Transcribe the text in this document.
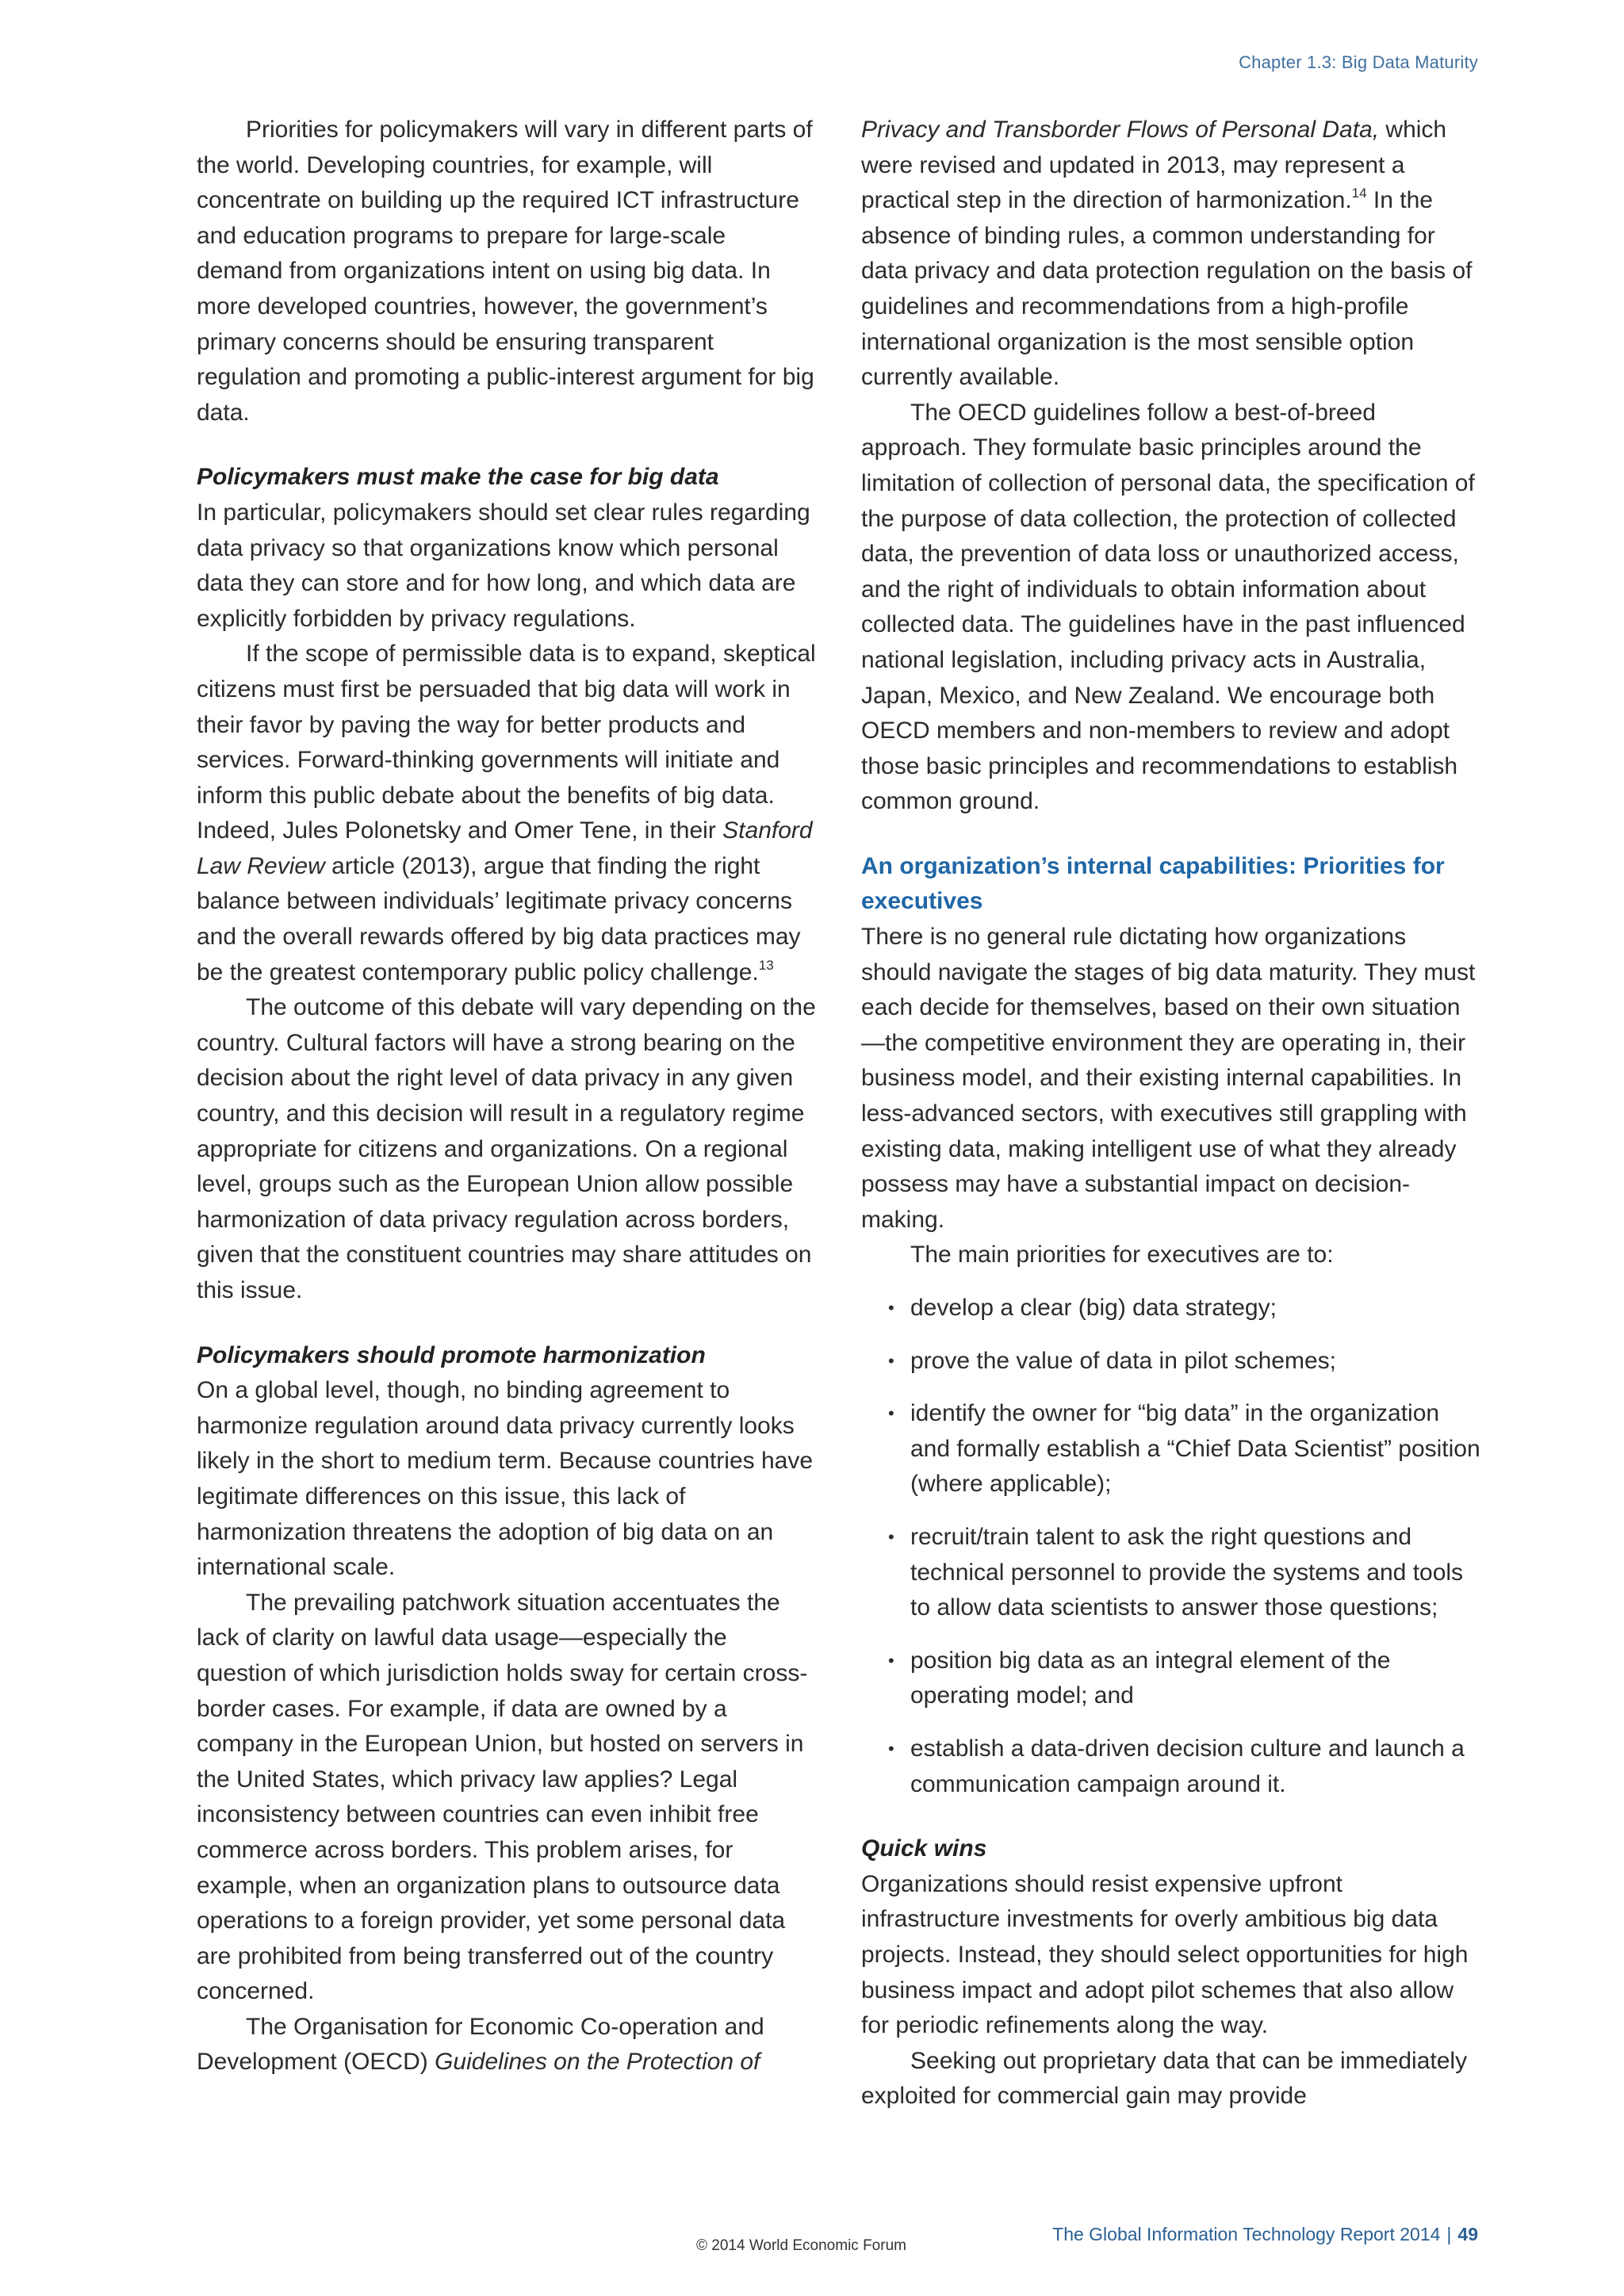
Chapter 1.3: Big Data Maturity

Priorities for policymakers will vary in different parts of the world. Developing countries, for example, will concentrate on building up the required ICT infrastructure and education programs to prepare for large-scale demand from organizations intent on using big data. In more developed countries, however, the government’s primary concerns should be ensuring transparent regulation and promoting a public-interest argument for big data.

Policymakers must make the case for big data

In particular, policymakers should set clear rules regarding data privacy so that organizations know which personal data they can store and for how long, and which data are explicitly forbidden by privacy regulations.

If the scope of permissible data is to expand, skeptical citizens must first be persuaded that big data will work in their favor by paving the way for better products and services. Forward-thinking governments will initiate and inform this public debate about the benefits of big data. Indeed, Jules Polonetsky and Omer Tene, in their Stanford Law Review article (2013), argue that finding the right balance between individuals’ legitimate privacy concerns and the overall rewards offered by big data practices may be the greatest contemporary public policy challenge.$^{13}$

The outcome of this debate will vary depending on the country. Cultural factors will have a strong bearing on the decision about the right level of data privacy in any given country, and this decision will result in a regulatory regime appropriate for citizens and organizations. On a regional level, groups such as the European Union allow possible harmonization of data privacy regulation across borders, given that the constituent countries may share attitudes on this issue.

Policymakers should promote harmonization

On a global level, though, no binding agreement to harmonize regulation around data privacy currently looks likely in the short to medium term. Because countries have legitimate differences on this issue, this lack of harmonization threatens the adoption of big data on an international scale.

The prevailing patchwork situation accentuates the lack of clarity on lawful data usage—especially the question of which jurisdiction holds sway for certain cross-border cases. For example, if data are owned by a company in the European Union, but hosted on servers in the United States, which privacy law applies? Legal inconsistency between countries can even inhibit free commerce across borders. This problem arises, for example, when an organization plans to outsource data operations to a foreign provider, yet some personal data are prohibited from being transferred out of the country concerned.

The Organisation for Economic Co-operation and Development (OECD) Guidelines on the Protection of

Privacy and Transborder Flows of Personal Data, which were revised and updated in 2013, may represent a practical step in the direction of harmonization.$^{14}$ In the absence of binding rules, a common understanding for data privacy and data protection regulation on the basis of guidelines and recommendations from a high-profile international organization is the most sensible option currently available.

The OECD guidelines follow a best-of-breed approach. They formulate basic principles around the limitation of collection of personal data, the specification of the purpose of data collection, the protection of collected data, the prevention of data loss or unauthorized access, and the right of individuals to obtain information about collected data. The guidelines have in the past influenced national legislation, including privacy acts in Australia, Japan, Mexico, and New Zealand. We encourage both OECD members and non-members to review and adopt those basic principles and recommendations to establish common ground.

An organization’s internal capabilities: Priorities for executives

There is no general rule dictating how organizations should navigate the stages of big data maturity. They must each decide for themselves, based on their own situation—the competitive environment they are operating in, their business model, and their existing internal capabilities. In less-advanced sectors, with executives still grappling with existing data, making intelligent use of what they already possess may have a substantial impact on decision-making.

The main priorities for executives are to:

• develop a clear (big) data strategy;
• prove the value of data in pilot schemes;
• identify the owner for “big data” in the organization and formally establish a “Chief Data Scientist” position (where applicable);
• recruit/train talent to ask the right questions and technical personnel to provide the systems and tools to allow data scientists to answer those questions;
• position big data as an integral element of the operating model; and
• establish a data-driven decision culture and launch a communication campaign around it.

Quick wins

Organizations should resist expensive upfront infrastructure investments for overly ambitious big data projects. Instead, they should select opportunities for high business impact and adopt pilot schemes that also allow for periodic refinements along the way.

Seeking out proprietary data that can be immediately exploited for commercial gain may provide

The Global Information Technology Report 2014 | 49
© 2014 World Economic Forum
